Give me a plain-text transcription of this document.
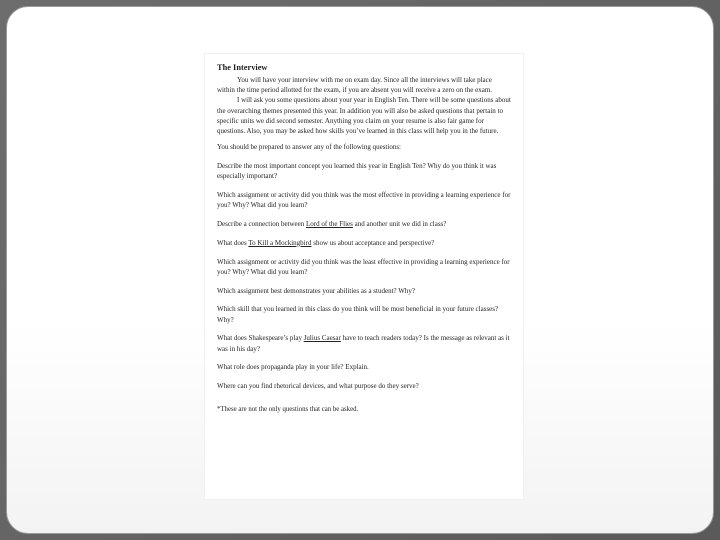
The Interview

You will have your interview with me on exam day. Since all the interviews will take place within the time period allotted for the exam, if you are absent you will receive a zero on the exam.

I will ask you some questions about your year in English Ten. There will be some questions about the overarching themes presented this year. In addition you will also be asked questions that pertain to specific units we did second semester. Anything you claim on your resume is also fair game for questions. Also, you may be asked how skills you’ve learned in this class will help you in the future.

You should be prepared to answer any of the following questions:

Describe the most important concept you learned this year in English Ten? Why do you think it was especially important?

Which assignment or activity did you think was the most effective in providing a learning experience for you? Why? What did you learn?

Describe a connection between Lord of the Flies and another unit we did in class?

What does To Kill a Mockingbird show us about acceptance and perspective?

Which assignment or activity did you think was the least effective in providing a learning experience for you? Why? What did you learn?

Which assignment best demonstrates your abilities as a student? Why?

Which skill that you learned in this class do you think will be most beneficial in your future classes? Why?

What does Shakespeare’s play Julius Caesar have to teach readers today? Is the message as relevant as it was in his day?

What role does propaganda play in your life? Explain.

Where can you find rhetorical devices, and what purpose do they serve?

*These are not the only questions that can be asked.
